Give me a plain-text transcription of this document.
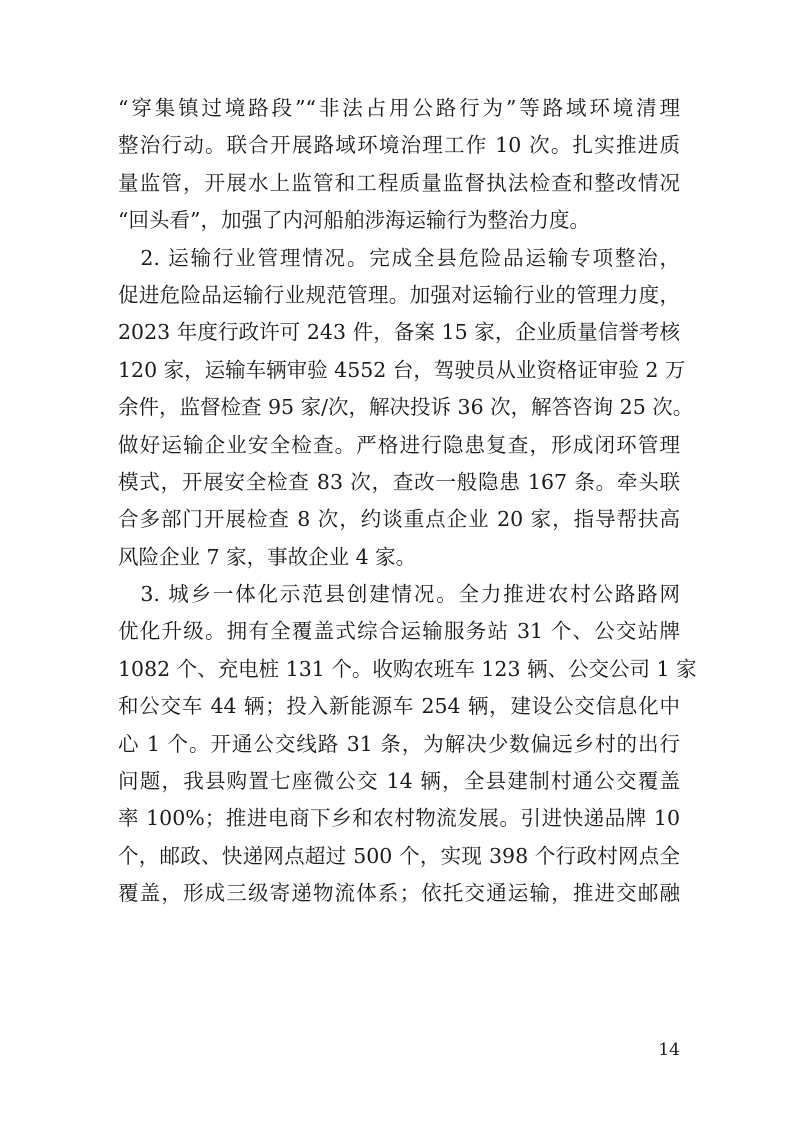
“穿集镇过境路段”“非法占用公路行为”等路域环境清理
整治行动。联合开展路域环境治理工作 10 次。扎实推进质
量监管，开展水上监管和工程质量监督执法检查和整改情况
“回头看”，加强了内河船舶涉海运输行为整治力度。
　2. 运输行业管理情况。完成全县危险品运输专项整治，
促进危险品运输行业规范管理。加强对运输行业的管理力度，
2023 年度行政许可 243 件，备案 15 家，企业质量信誉考核
120 家，运输车辆审验 4552 台，驾驶员从业资格证审验 2 万
余件，监督检查 95 家/次，解决投诉 36 次，解答咨询 25 次。
做好运输企业安全检查。严格进行隐患复查，形成闭环管理
模式，开展安全检查 83 次，查改一般隐患 167 条。牵头联
合多部门开展检查 8 次，约谈重点企业 20 家，指导帮扶高
风险企业 7 家，事故企业 4 家。
　3. 城乡一体化示范县创建情况。全力推进农村公路路网
优化升级。拥有全覆盖式综合运输服务站 31 个、公交站牌
1082 个、充电桩 131 个。收购农班车 123 辆、公交公司 1 家
和公交车 44 辆；投入新能源车 254 辆，建设公交信息化中
心 1 个。开通公交线路 31 条，为解决少数偏远乡村的出行
问题，我县购置七座微公交 14 辆，全县建制村通公交覆盖
率 100%；推进电商下乡和农村物流发展。引进快递品牌 10
个，邮政、快递网点超过 500 个，实现 398 个行政村网点全
覆盖，形成三级寄递物流体系；依托交通运输，推进交邮融
14
